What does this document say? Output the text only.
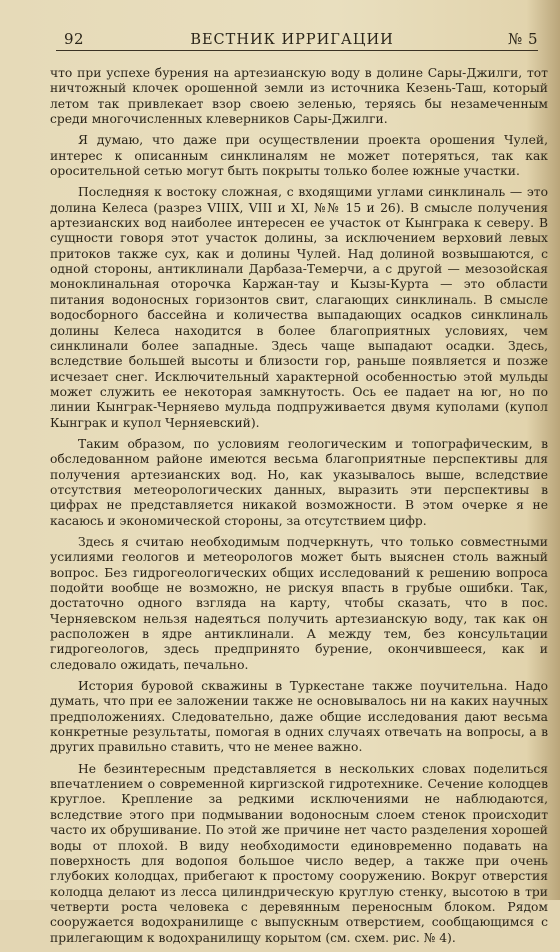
92	ВЕСТНИК ИРРИГАЦИИ	№ 5

что при успехе бурения на артезианскую воду в долине Сары-Джилги, тот ничтожный клочек орошенной земли из источника Кезень-Таш, который летом так привлекает взор своею зеленью, теряясь бы незамеченным среди многочисленных клеверников Сары-Джилги.

Я думаю, что даже при осуществлении проекта орошения Чулей, интерес к описанным синклиналям не может потеряться, так как оросительной сетью могут быть покрыты только более южные участки.

Последняя к востоку сложная, с входящими углами синклиналь — это долина Келеса (разрез VIIIX, VIII и XI, №№ 15 и 26). В смысле получения артезианских вод наиболее интересен ее участок от Кынграка к северу. В сущности говоря этот участок долины, за исключением верховий левых притоков также сух, как и долины Чулей. Над долиной возвышаются, с одной стороны, антиклинали Дарбаза-Темерчи, а с другой — мезозойская моноклинальная оторочка Каржан-тау и Кызы-Курта — это области питания водоносных горизонтов свит, слагающих синклиналь. В смысле водосборного бассейна и количества выпадающих осадков синклиналь долины Келеса находится в более благоприятных условиях, чем синклинали более западные. Здесь чаще выпадают осадки. Здесь, вследствие большей высоты и близости гор, раньше появляется и позже исчезает снег. Исключительный характерной особенностью этой мульды может служить ее некоторая замкнутость. Ось ее падает на юг, но по линии Кынграк-Черняево мульда подпруживается двумя куполами (купол Кынграк и купол Черняевский).

Таким образом, по условиям геологическим и топографическим, в обследованном районе имеются весьма благоприятные перспективы для получения артезианских вод. Но, как указывалось выше, вследствие отсутствия метеорологических данных, выразить эти перспективы в цифрах не представляется никакой возможности. В этом очерке я не касаюсь и экономической стороны, за отсутствием цифр.

Здесь я считаю необходимым подчеркнуть, что только совместными усилиями геологов и метеорологов может быть выяснен столь важный вопрос. Без гидрогеологических общих исследований к решению вопроса подойти вообще не возможно, не рискуя впасть в грубые ошибки. Так, достаточно одного взгляда на карту, чтобы сказать, что в пос. Черняевском нельзя надеяться получить артезианскую воду, так как он расположен в ядре антиклинали. А между тем, без консультации гидрогеологов, здесь предпринято бурение, окончившееся, как и следовало ожидать, печально.

История буровой скважины в Туркестане также поучительна. Надо думать, что при ее заложении также не основывалось ни на каких научных предположениях. Следовательно, даже общие исследования дают весьма конкретные результаты, помогая в одних случаях отвечать на вопросы, а в других правильно ставить, что не менее важно.

Не безинтересным представляется в нескольких словах поделиться впечатлением о современной киргизской гидротехнике. Сечение колодцев круглое. Крепление за редкими исключениями не наблюдаются, вследствие этого при подмывании водоносным слоем стенок происходит часто их обрушивание. По этой же причине нет часто разделения хорошей воды от плохой. В виду необходимости единовременно подавать на поверхность для водопоя большое число ведер, а также при очень глубоких колодцах, прибегают к простому сооружению. Вокруг отверстия колодца делают из лесса цилиндрическую круглую стенку, высотою в три четверти роста человека с деревянным переносным блоком. Рядом сооружается водохранилище с выпускным отверстием, сообщающимся с прилегающим к водохранилищу корытом (см. схем. рис. № 4).
